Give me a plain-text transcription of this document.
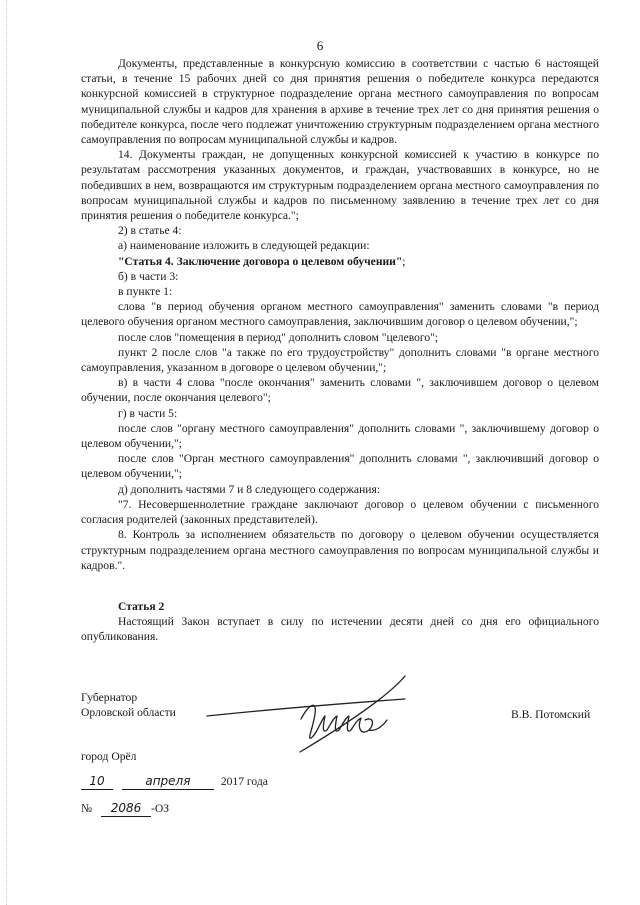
6

Документы, представленные в конкурсную комиссию в соответствии с частью 6 настоящей статьи, в течение 15 рабочих дней со дня принятия решения о победителе конкурса передаются конкурсной комиссией в структурное подразделение органа местного самоуправления по вопросам муниципальной службы и кадров для хранения в архиве в течение трех лет со дня принятия решения о победителе конкурса, после чего подлежат уничтожению структурным подразделением органа местного самоуправления по вопросам муниципальной службы и кадров.

14. Документы граждан, не допущенных конкурсной комиссией к участию в конкурсе по результатам рассмотрения указанных документов, и граждан, участвовавших в конкурсе, но не победивших в нем, возвращаются им структурным подразделением органа местного самоуправления по вопросам муниципальной службы и кадров по письменному заявлению в течение трех лет со дня принятия решения о победителе конкурса.";

2) в статье 4:

а) наименование изложить в следующей редакции:

"Статья 4. Заключение договора о целевом обучении";

б) в части 3:

в пункте 1:

слова "в период обучения органом местного самоуправления" заменить словами "в период целевого обучения органом местного самоуправления, заключившим договор о целевом обучении,";

после слов "помещения в период" дополнить словом "целевого";

пункт 2 после слов "а также по его трудоустройству" дополнить словами "в органе местного самоуправления, указанном в договоре о целевом обучении,";

в) в части 4 слова "после окончания" заменить словами ", заключившем договор о целевом обучении, после окончания целевого";

г) в части 5:

после слов "органу местного самоуправления" дополнить словами ", заключившему договор о целевом обучении,";

после слов "Орган местного самоуправления" дополнить словами ", заключивший договор о целевом обучении,";

д) дополнить частями 7 и 8 следующего содержания:

"7. Несовершеннолетние граждане заключают договор о целевом обучении с письменного согласия родителей (законных представителей).

8. Контроль за исполнением обязательств по договору о целевом обучении осуществляется структурным подразделением органа местного самоуправления по вопросам муниципальной службы и кадров.".

Статья 2

Настоящий Закон вступает в силу по истечении десяти дней со дня его официального опубликования.

Губернатор
Орловской области	В.В. Потомский
город Орёл
10	апреля	2017 года
№ 2086 -ОЗ
